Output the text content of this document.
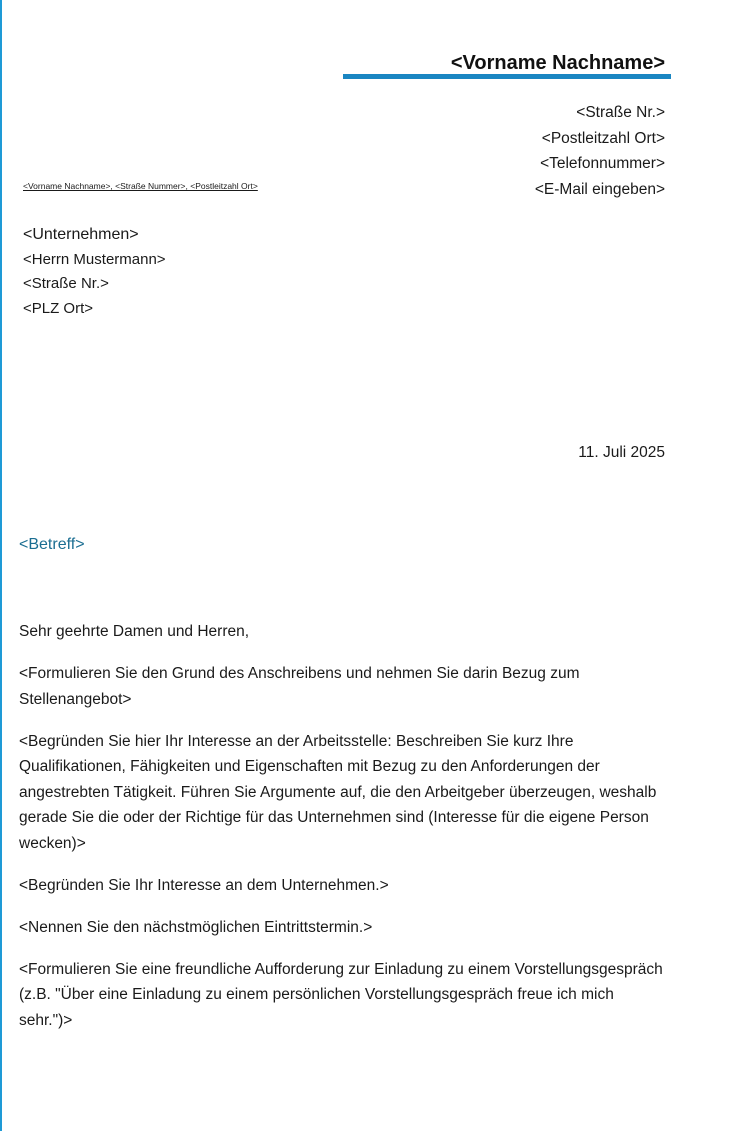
<Vorname Nachname>
<Straße Nr.>
<Postleitzahl Ort>
<Telefonnummer>
<E-Mail eingeben>
<Vorname Nachname>, <Straße Nummer>, <Postleitzahl Ort>
<Unternehmen>
<Herrn Mustermann>
<Straße Nr.>
<PLZ Ort>
11. Juli 2025
<Betreff>

Sehr geehrte Damen und Herren,

<Formulieren Sie den Grund des Anschreibens und nehmen Sie darin Bezug zum Stellenangebot>

<Begründen Sie hier Ihr Interesse an der Arbeitsstelle: Beschreiben Sie kurz Ihre Qualifikationen, Fähigkeiten und Eigenschaften mit Bezug zu den Anforderungen der angestrebten Tätigkeit. Führen Sie Argumente auf, die den Arbeitgeber überzeugen, weshalb gerade Sie die oder der Richtige für das Unternehmen sind (Interesse für die eigene Person wecken)>

<Begründen Sie Ihr Interesse an dem Unternehmen.>

<Nennen Sie den nächstmöglichen Eintrittstermin.>

<Formulieren Sie eine freundliche Aufforderung zur Einladung zu einem Vorstellungsgespräch (z.B. "Über eine Einladung zu einem persönlichen Vorstellungsgespräch freue ich mich sehr.")>
